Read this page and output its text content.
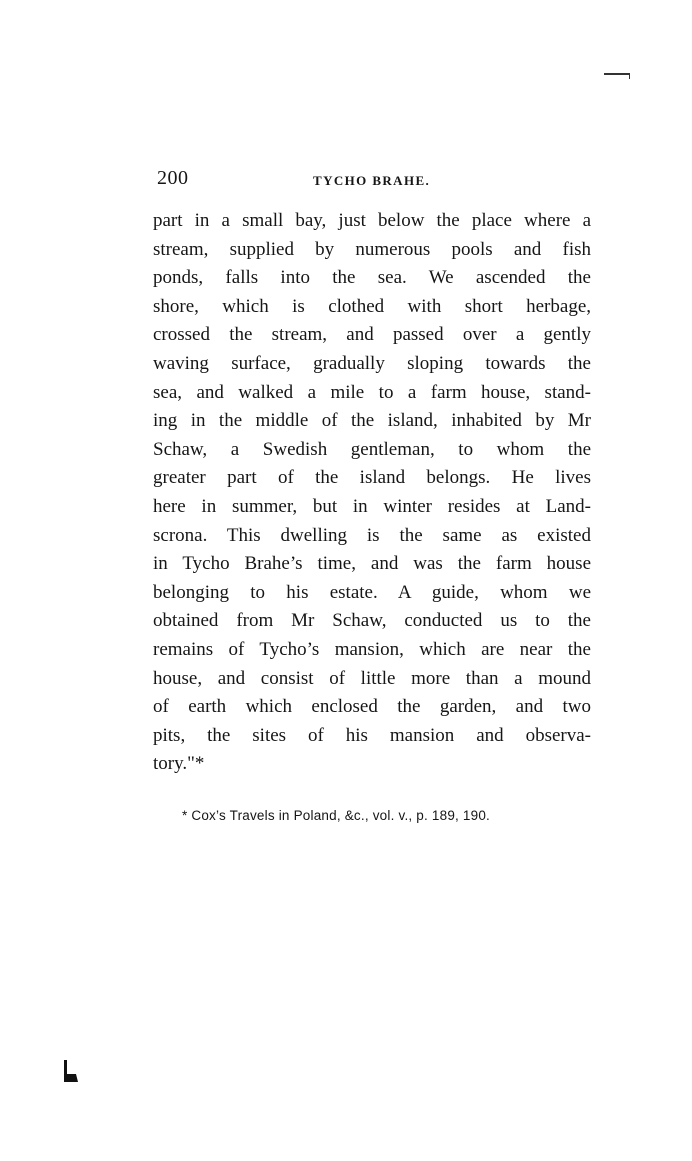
200	TYCHO BRAHE.
part in a small bay, just below the place where a
stream, supplied by numerous pools and fish
ponds, falls into the sea. We ascended the
shore, which is clothed with short herbage,
crossed the stream, and passed over a gently
waving surface, gradually sloping towards the
sea, and walked a mile to a farm house, stand-
ing in the middle of the island, inhabited by Mr
Schaw, a Swedish gentleman, to whom the
greater part of the island belongs. He lives
here in summer, but in winter resides at Land-
scrona. This dwelling is the same as existed
in Tycho Brahe’s time, and was the farm house
belonging to his estate. A guide, whom we
obtained from Mr Schaw, conducted us to the
remains of Tycho’s mansion, which are near the
house, and consist of little more than a mound
of earth which enclosed the garden, and two
pits, the sites of his mansion and observa-
tory."*
* Cox’s Travels in Poland, &c., vol. v., p. 189, 190.
